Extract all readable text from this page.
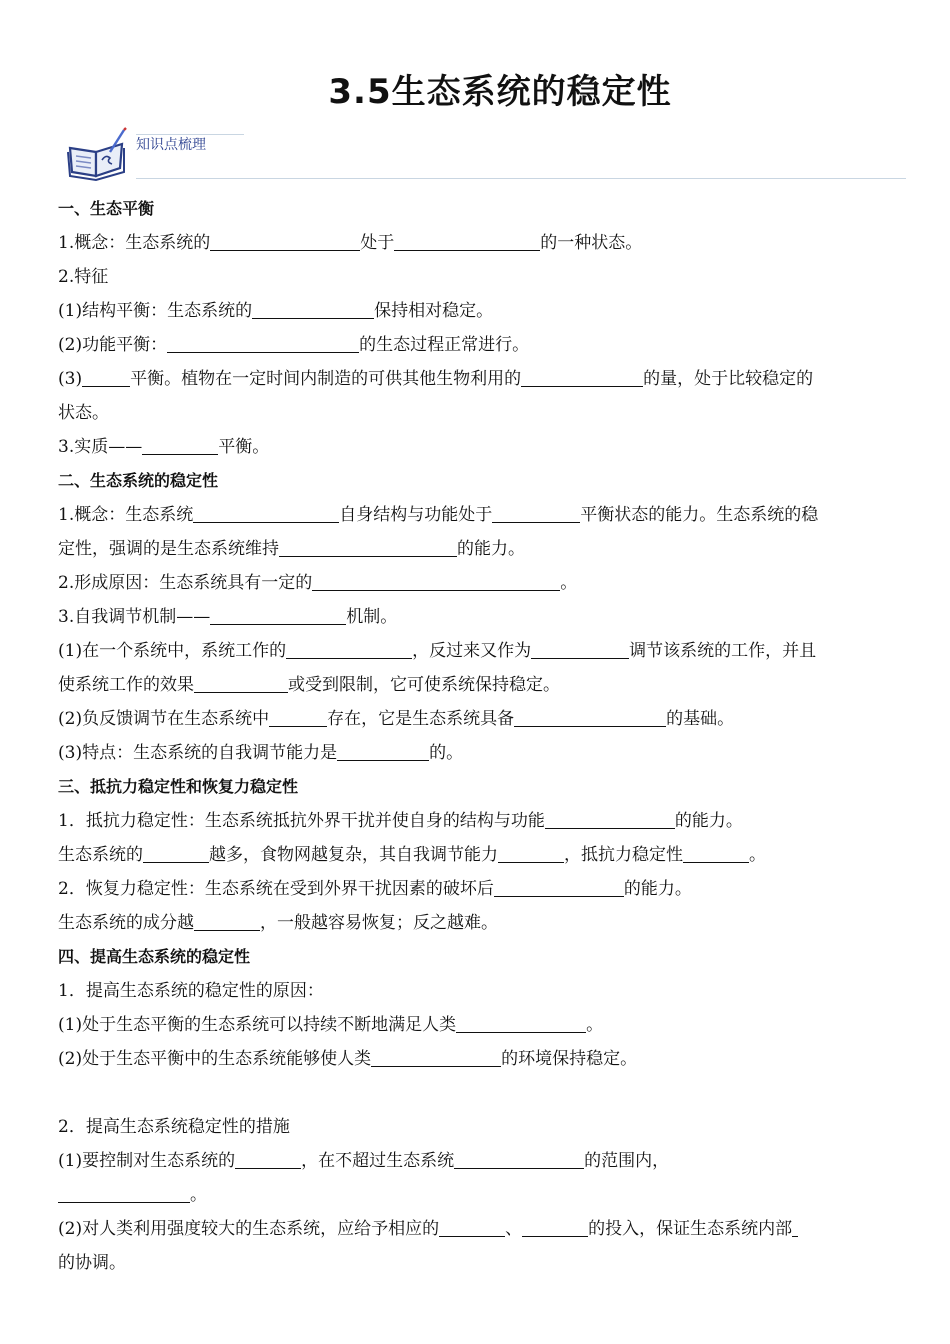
3.5生态系统的稳定性
知识点梳理
一、生态平衡
1.概念：生态系统的	处于	的一种状态。
2.特征
(1)结构平衡：生态系统的	保持相对稳定。
(2)功能平衡：	的生态过程正常进行。
(3)	平衡。植物在一定时间内制造的可供其他生物利用的	的量，处于比较稳定的
状态。
3.实质——	平衡。
二、生态系统的稳定性
1.概念：生态系统	自身结构与功能处于	平衡状态的能力。生态系统的稳
定性，强调的是生态系统维持	的能力。
2.形成原因：生态系统具有一定的	。
3.自我调节机制——	机制。
(1)在一个系统中，系统工作的	，反过来又作为	调节该系统的工作，并且
使系统工作的效果	或受到限制，它可使系统保持稳定。
(2)负反馈调节在生态系统中	存在，它是生态系统具备	的基础。
(3)特点：生态系统的自我调节能力是	的。
三、抵抗力稳定性和恢复力稳定性
1．抵抗力稳定性：生态系统抵抗外界干扰并使自身的结构与功能	的能力。
生态系统的	越多，食物网越复杂，其自我调节能力	，抵抗力稳定性	。
2．恢复力稳定性：生态系统在受到外界干扰因素的破坏后	的能力。
生态系统的成分越	，一般越容易恢复；反之越难。
四、提高生态系统的稳定性
1．提高生态系统的稳定性的原因：
(1)处于生态平衡的生态系统可以持续不断地满足人类	。
(2)处于生态平衡中的生态系统能够使人类	的环境保持稳定。
2．提高生态系统稳定性的措施
(1)要控制对生态系统的	，在不超过生态系统	的范围内，
。
(2)对人类利用强度较大的生态系统，应给予相应的	、	的投入，保证生态系统内部
的协调。
